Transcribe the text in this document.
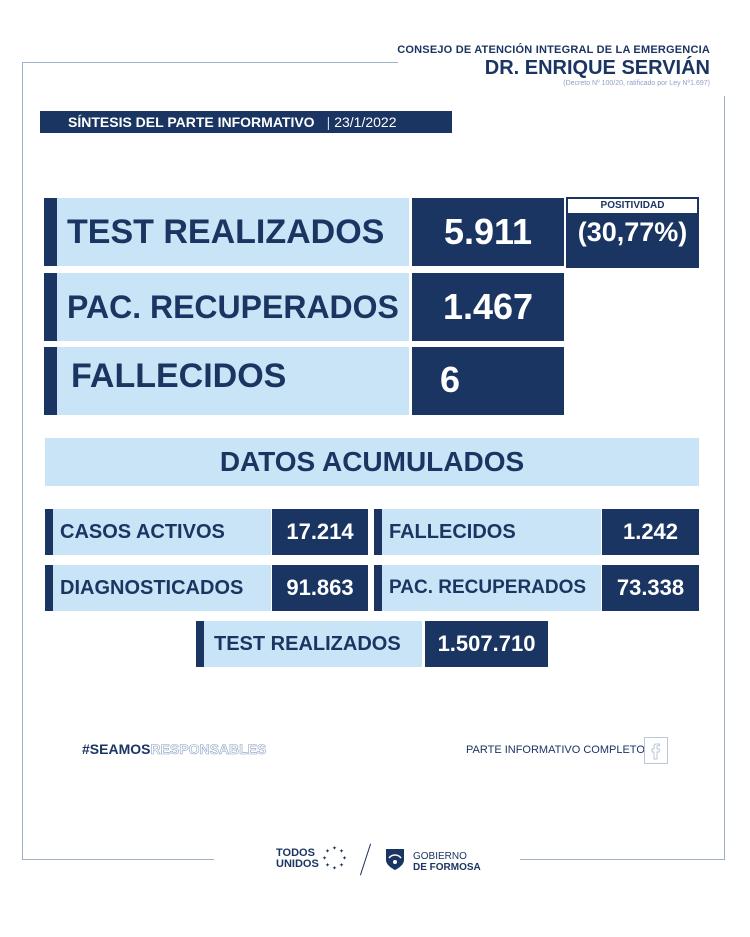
CONSEJO DE ATENCIÓN INTEGRAL DE LA EMERGENCIA
DR. ENRIQUE SERVIÁN
(Decreto Nº 100/20, ratificado por Ley Nº1.697)
SÍNTESIS DEL PARTE INFORMATIVO | 23/1/2022
TEST REALIZADOS	5.911
POSITIVIDAD
(30,77%)
PAC. RECUPERADOS	1.467
FALLECIDOS	6
DATOS ACUMULADOS
CASOS ACTIVOS	17.214	FALLECIDOS	1.242
DIAGNOSTICADOS	91.863	PAC. RECUPERADOS	73.338
TEST REALIZADOS	1.507.710
#SEAMOSRESPONSABLES	PARTE INFORMATIVO COMPLETO
TODOS
UNIDOS
✦ ✦
✦
✦
✦
✦
✦
✦	GOBIERNO
DE FORMOSA
